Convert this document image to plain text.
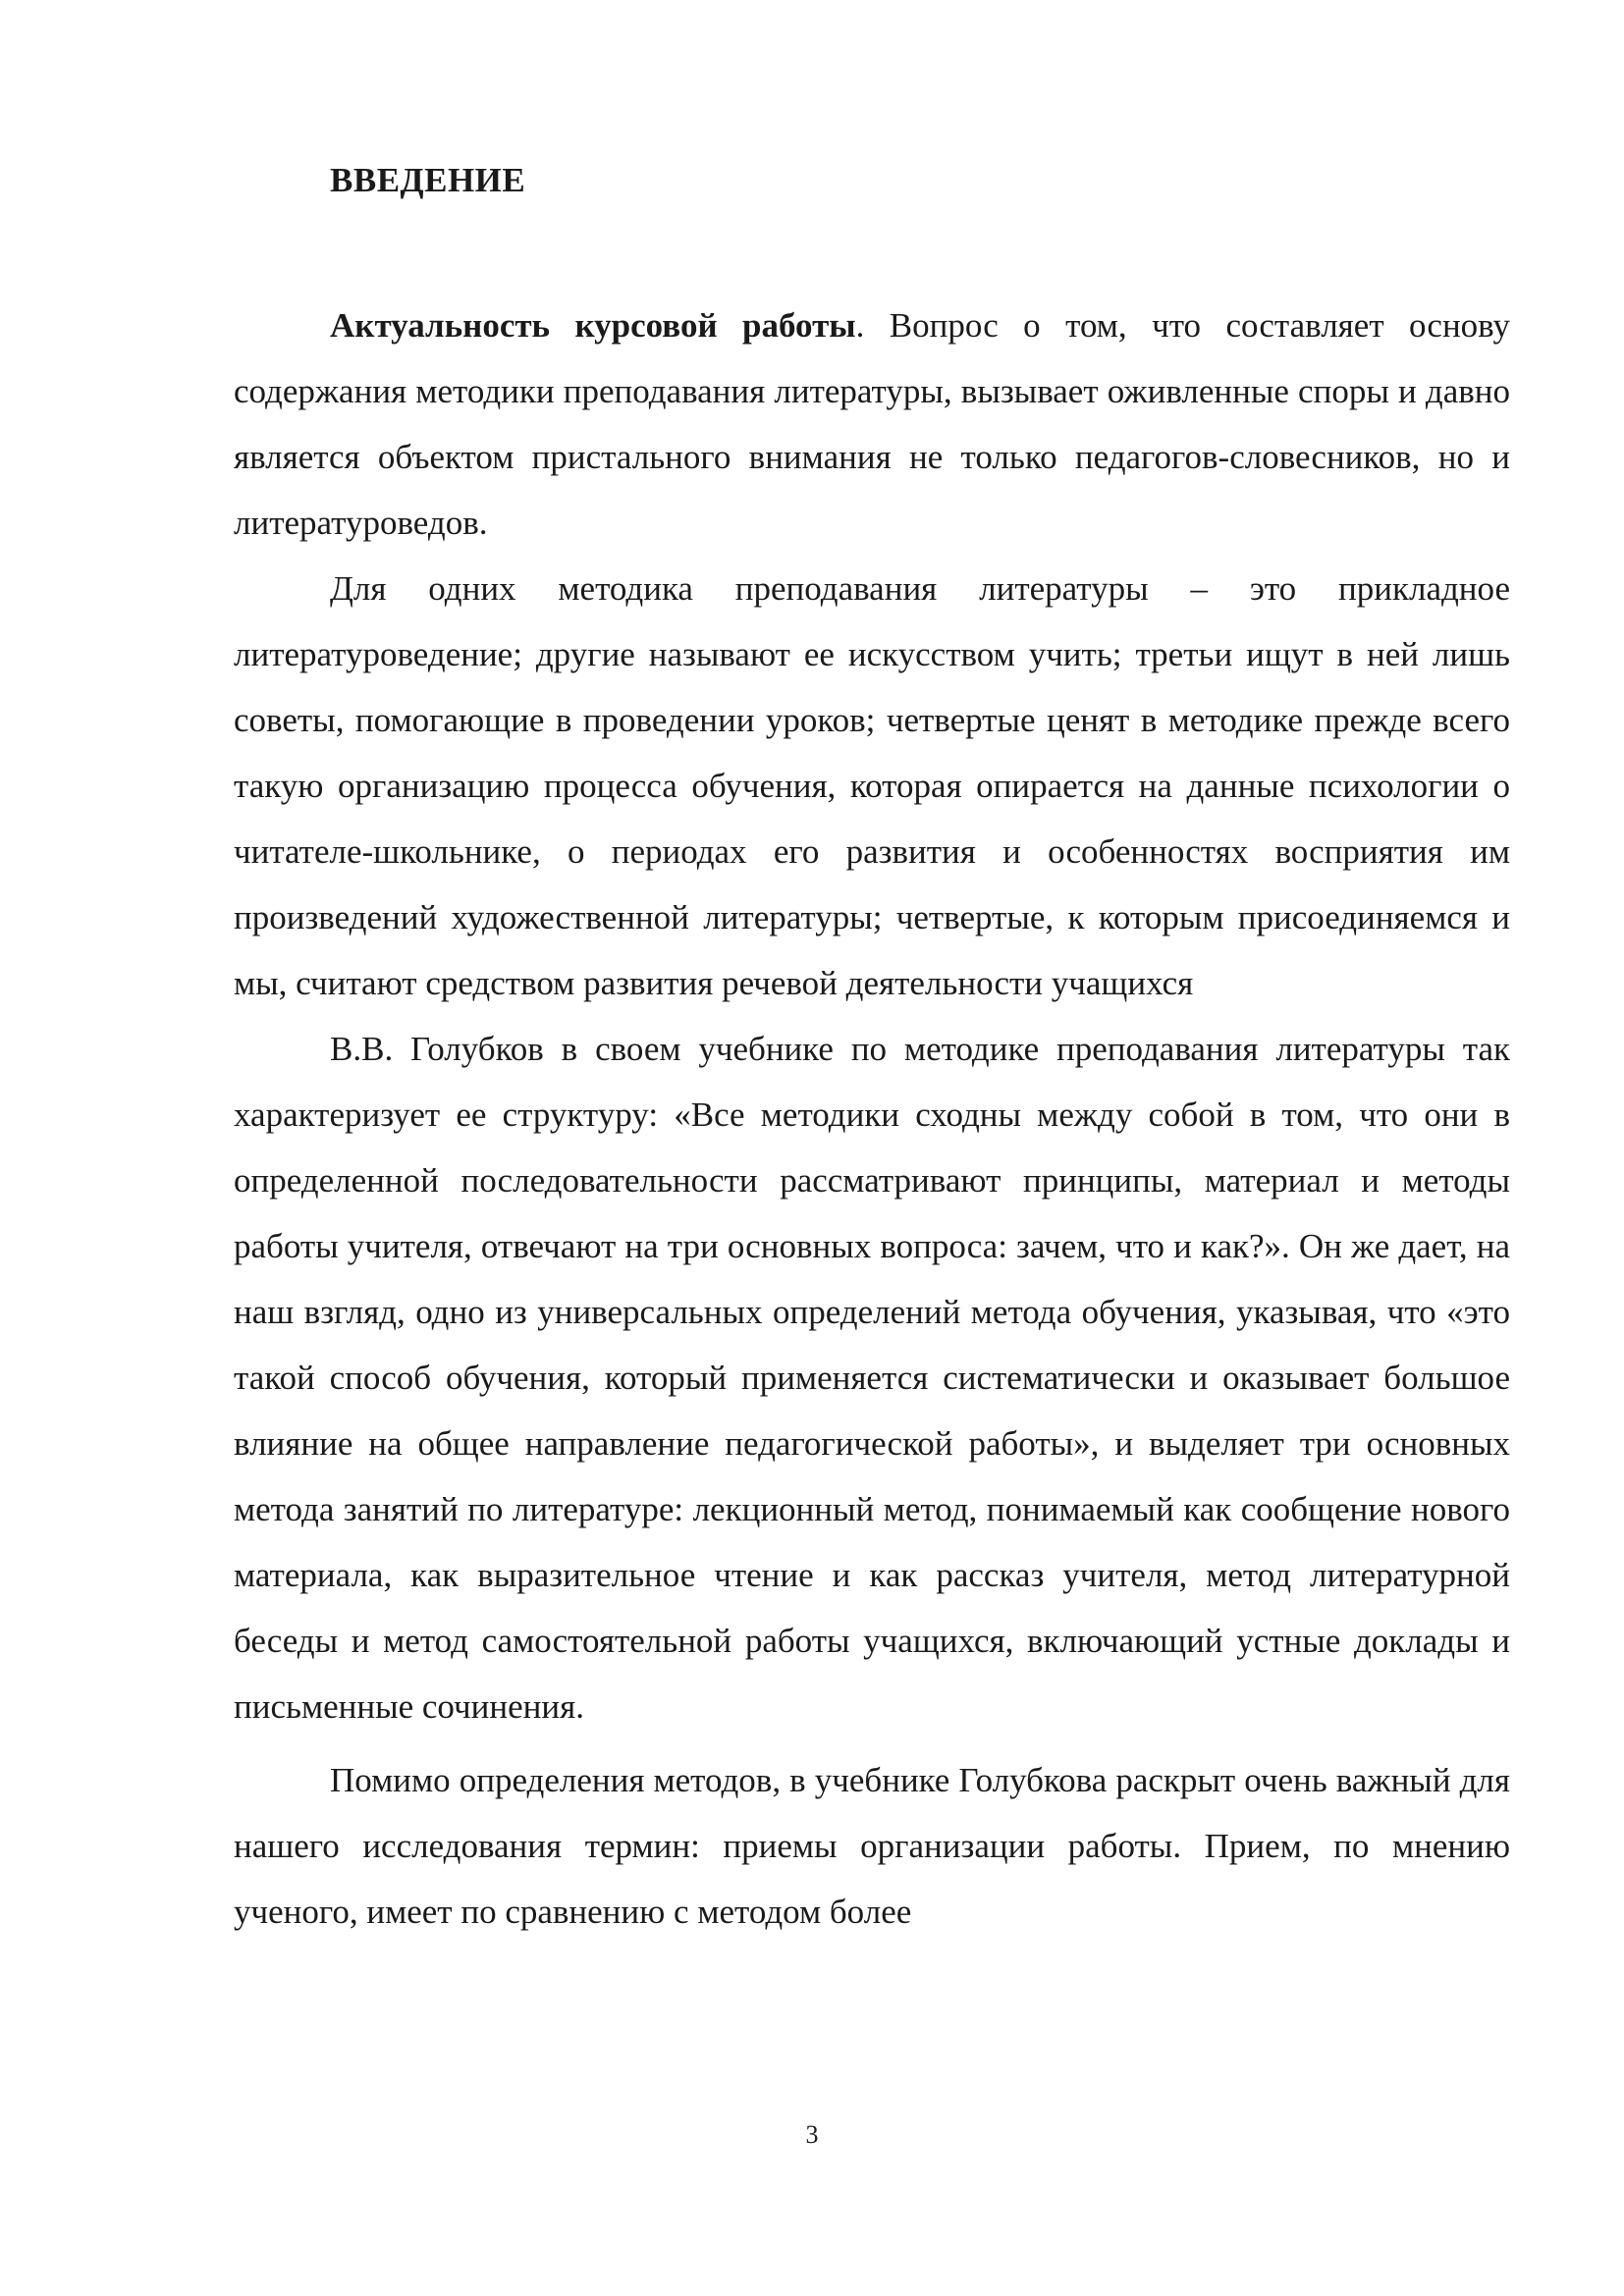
ВВЕДЕНИЕ

Актуальность курсовой работы. Вопрос о том, что составляет основу содержания методики преподавания литературы, вызывает оживленные споры и давно является объектом пристального внимания не только педагогов-словесников, но и литературоведов.

Для одних методика преподавания литературы – это прикладное литературоведение; другие называют ее искусством учить; третьи ищут в ней лишь советы, помогающие в проведении уроков; четвертые ценят в методике прежде всего такую организацию процесса обучения, которая опирается на данные психологии о читателе-школьнике, о периодах его развития и особенностях восприятия им произведений художественной литературы; четвертые, к которым присоединяемся и мы, считают средством развития речевой деятельности учащихся

В.В. Голубков в своем учебнике по методике преподавания литературы так характеризует ее структуру: «Все методики сходны между собой в том, что они в определенной последовательности рассматривают принципы, материал и методы работы учителя, отвечают на три основных вопроса: зачем, что и как?». Он же дает, на наш взгляд, одно из универсальных определений метода обучения, указывая, что «это такой способ обучения, который применяется систематически и оказывает большое влияние на общее направление педагогической работы», и выделяет три основных метода занятий по литературе: лекционный метод, понимаемый как сообщение нового материала, как выразительное чтение и как рассказ учителя, метод литературной беседы и метод самостоятельной работы учащихся, включающий устные доклады и письменные сочинения.

Помимо определения методов, в учебнике Голубкова раскрыт очень важный для нашего исследования термин: приемы организации работы. Прием, по мнению ученого, имеет по сравнению с методом более

3
